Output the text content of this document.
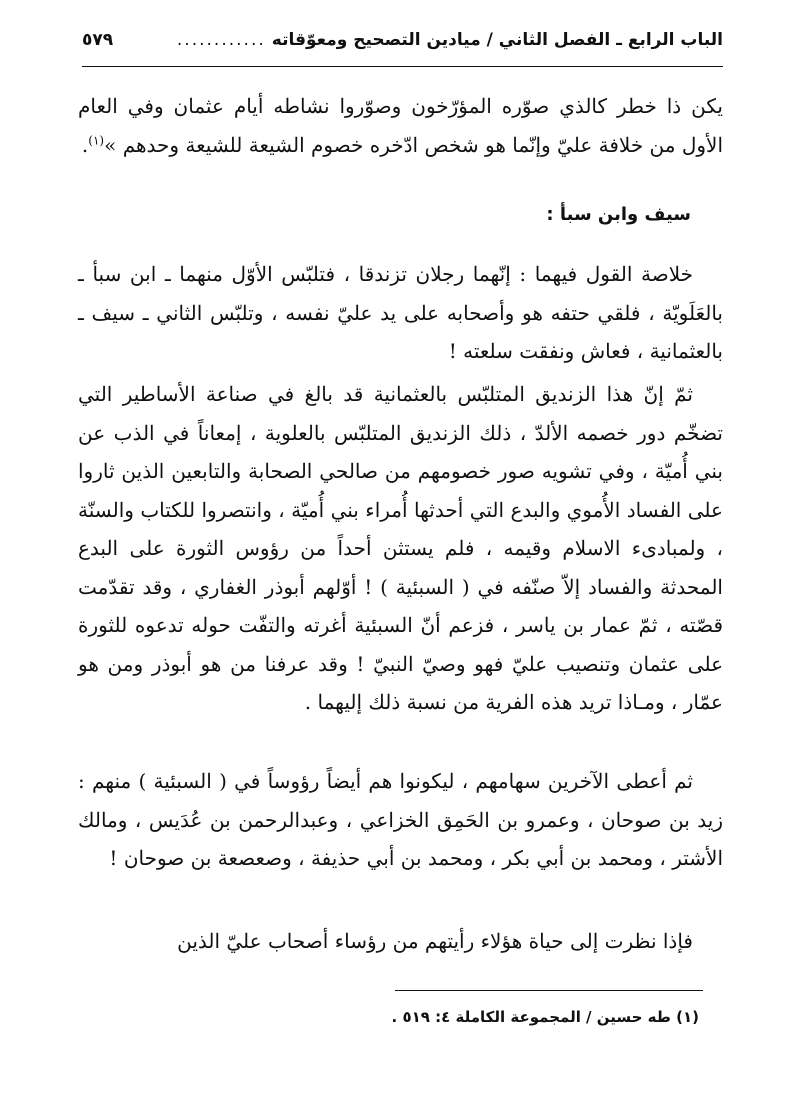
الباب الرابع ـ الفصل الثاني / ميادين التصحيح ومعوّقاته
............
٥٧٩

يكن ذا خطر كالذي صوّره المؤرّخون وصوّروا نشاطه أيام عثمان وفي العام الأول من خلافة عليّ وإنّما هو شخص ادّخره خصوم الشيعة للشيعة وحدهم »$^{(١)}$.

سيف وابن سبأ :

خلاصة القول فيهما : إنّهما رجلان تزندقا ، فتلبّس الأوّل منهما ـ ابن سبأ ـ بالعَلَويّة ، فلقي حتفه هو وأصحابه على يد عليّ نفسه ، وتلبّس الثاني ـ سيف ـ بالعثمانية ، فعاش ونفقت سلعته !

ثمّ إنّ هذا الزنديق المتلبّس بالعثمانية قد بالغ في صناعة الأساطير التي تضخّم دور خصمه الألدّ ، ذلك الزنديق المتلبّس بالعلوية ، إمعاناً في الذب عن بني أُميّة ، وفي تشويه صور خصومهم من صالحي الصحابة والتابعين الذين ثاروا على الفساد الأُموي والبدع التي أحدثها أُمراء بني أُميّة ، وانتصروا للكتاب والسنّة ، ولمبادىء الاسلام وقيمه ، فلم يستثن أحداً من رؤوس الثورة على البدع المحدثة والفساد إلاّ صنّفه في ( السبئية ) ! أوّلهم أبوذر الغفاري ، وقد تقدّمت قصّته ، ثمّ عمار بن ياسر ، فزعم أنّ السبئية أغرته والتفّت حوله تدعوه للثورة على عثمان وتنصيب عليّ فهو وصيّ النبيّ ! وقد عرفنا من هو أبوذر ومن هو عمّار ، ومـاذا تريد هذه الفرية من نسبة ذلك إليهما .

ثم أعطى الآخرين سهامهم ، ليكونوا هم أيضاً رؤوساً في ( السبئية ) منهم : زيد بن صوحان ، وعمرو بن الحَمِق الخزاعي ، وعبدالرحمن بن عُدَيس ، ومالك الأشتر ، ومحمد بن أبي بكر ، ومحمد بن أبي حذيفة ، وصعصعة بن صوحان !

فإذا نظرت إلى حياة هؤلاء رأيتهم من رؤساء أصحاب عليّ الذين

(١) طه حسين / المجموعة الكاملة ٤: ٥١٩ .
